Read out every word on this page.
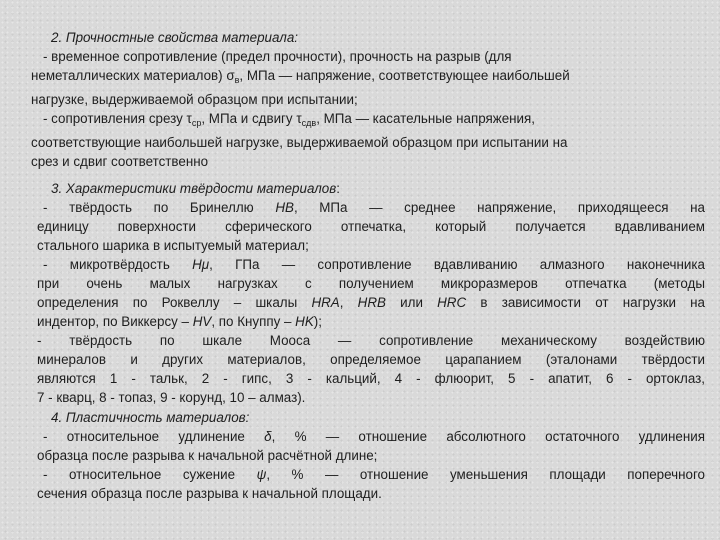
2. Прочностные свойства материала:
- временное сопротивление (предел прочности), прочность на разрыв (для
неметаллических материалов) $\sigma_в$, МПа — напряжение, соответствующее наибольшей
нагрузке, выдерживаемой образцом при испытании;
- сопротивления срезу $\tau_{ср}$, МПа и сдвигу $\tau_{сдв}$, МПа — касательные напряжения,
соответствующие наибольшей нагрузке, выдерживаемой образцом при испытании на
срез и сдвиг соответственно
3. Характеристики твёрдости материалов:
- твёрдость по Бринеллю HB, МПа — среднее напряжение, приходящееся на
единицу поверхности сферического отпечатка, который получается вдавливанием
стального шарика в испытуемый материал;
- микротвёрдость Hμ, ГПа — сопротивление вдавливанию алмазного наконечника
при очень малых нагрузках с получением микроразмеров отпечатка (методы
определения по Роквеллу – шкалы HRA, HRB или HRC в зависимости от нагрузки на
индентор, по Виккерсу – HV, по Кнуппу – HK);
- твёрдость по шкале Мооса — сопротивление механическому воздействию
минералов и других материалов, определяемое царапанием (эталонами твёрдости
являются 1 - тальк, 2 - гипс, 3 - кальций, 4 - флюорит, 5 - апатит, 6 - ортоклаз,
7 - кварц, 8 - топаз, 9 - корунд, 10 – алмаз).
4. Пластичность материалов:
- относительное удлинение δ, % — отношение абсолютного остаточного удлинения
образца после разрыва к начальной расчётной длине;
- относительное сужение ψ, % — отношение уменьшения площади поперечного
сечения образца после разрыва к начальной площади.
